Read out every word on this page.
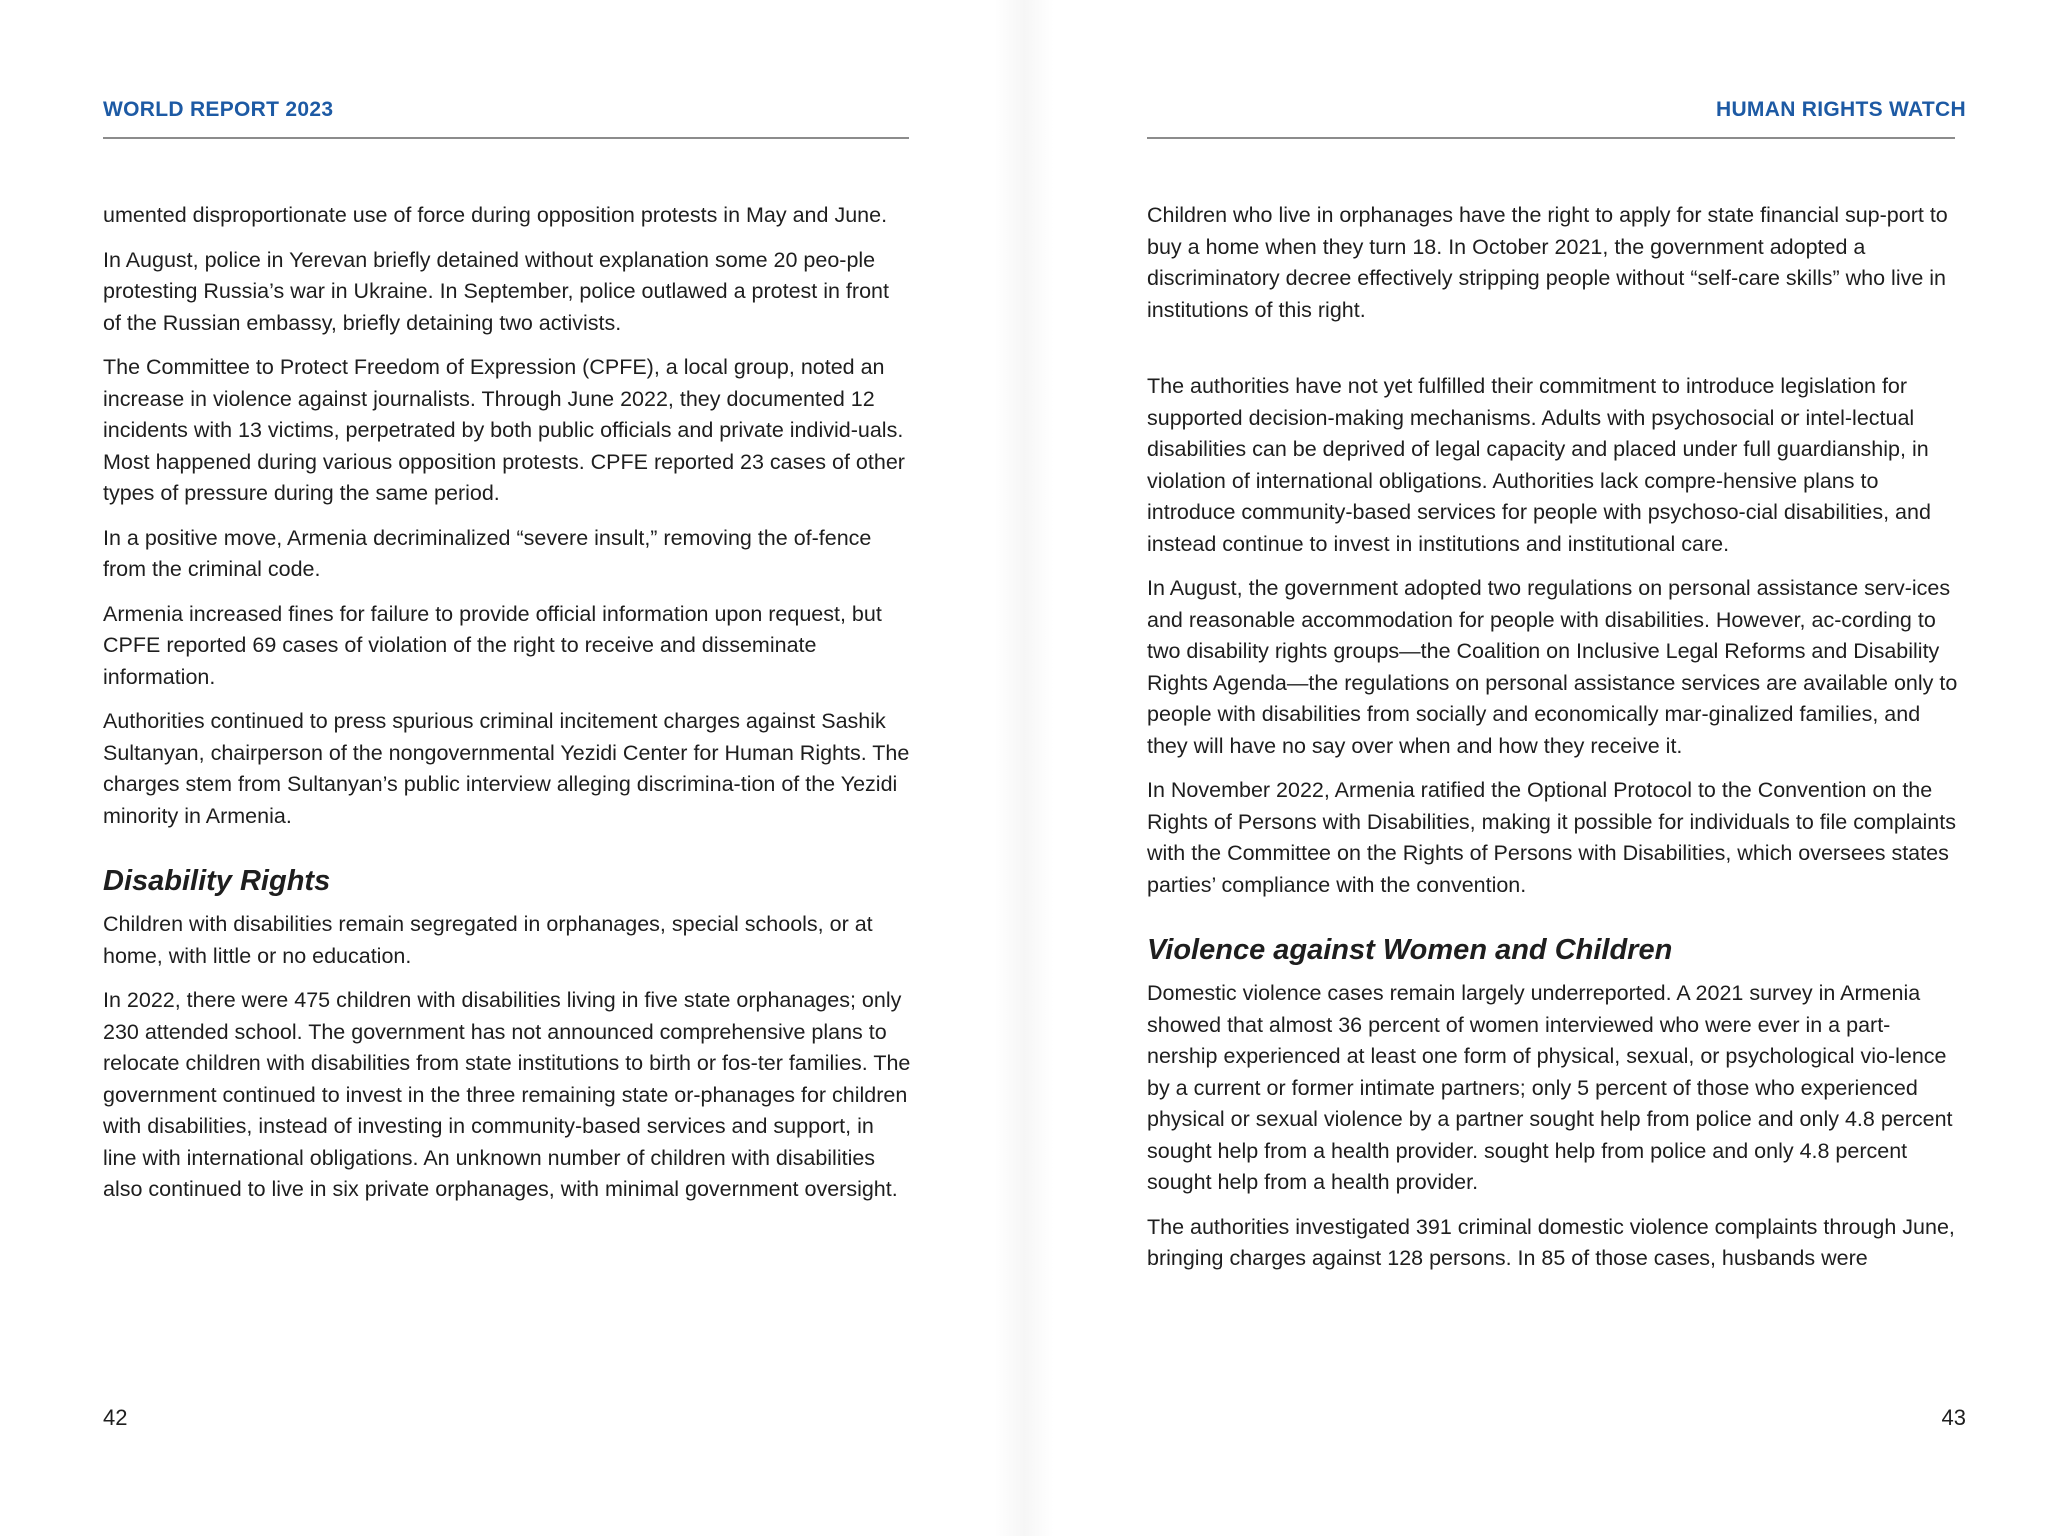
WORLD REPORT 2023

umented disproportionate use of force during opposition protests in May and June.

In August, police in Yerevan briefly detained without explanation some 20 peo-ple protesting Russia’s war in Ukraine. In September, police outlawed a protest in front of the Russian embassy, briefly detaining two activists.

The Committee to Protect Freedom of Expression (CPFE), a local group, noted an increase in violence against journalists. Through June 2022, they documented 12 incidents with 13 victims, perpetrated by both public officials and private individ-uals. Most happened during various opposition protests. CPFE reported 23 cases of other types of pressure during the same period.

In a positive move, Armenia decriminalized “severe insult,” removing the of-fence from the criminal code.

Armenia increased fines for failure to provide official information upon request, but CPFE reported 69 cases of violation of the right to receive and disseminate information.

Authorities continued to press spurious criminal incitement charges against Sashik Sultanyan, chairperson of the nongovernmental Yezidi Center for Human Rights. The charges stem from Sultanyan’s public interview alleging discrimina-tion of the Yezidi minority in Armenia.

Disability Rights

Children with disabilities remain segregated in orphanages, special schools, or at home, with little or no education.

In 2022, there were 475 children with disabilities living in five state orphanages; only 230 attended school. The government has not announced comprehensive plans to relocate children with disabilities from state institutions to birth or fos-ter families. The government continued to invest in the three remaining state or-phanages for children with disabilities, instead of investing in community-based services and support, in line with international obligations. An unknown number of children with disabilities also continued to live in six private orphanages, with minimal government oversight.

42
HUMAN RIGHTS WATCH

Children who live in orphanages have the right to apply for state financial sup-port to buy a home when they turn 18. In October 2021, the government adopted a discriminatory decree effectively stripping people without “self-care skills” who live in institutions of this right.

The authorities have not yet fulfilled their commitment to introduce legislation for supported decision-making mechanisms. Adults with psychosocial or intel-lectual disabilities can be deprived of legal capacity and placed under full guardianship, in violation of international obligations. Authorities lack compre-hensive plans to introduce community-based services for people with psychoso-cial disabilities, and instead continue to invest in institutions and institutional care.

In August, the government adopted two regulations on personal assistance serv-ices and reasonable accommodation for people with disabilities. However, ac-cording to two disability rights groups—the Coalition on Inclusive Legal Reforms and Disability Rights Agenda—the regulations on personal assistance services are available only to people with disabilities from socially and economically mar-ginalized families, and they will have no say over when and how they receive it.

In November 2022, Armenia ratified the Optional Protocol to the Convention on the Rights of Persons with Disabilities, making it possible for individuals to file complaints with the Committee on the Rights of Persons with Disabilities, which oversees states parties’ compliance with the convention.

Violence against Women and Children

Domestic violence cases remain largely underreported. A 2021 survey in Armenia showed that almost 36 percent of women interviewed who were ever in a part-nership experienced at least one form of physical, sexual, or psychological vio-lence by a current or former intimate partners; only 5 percent of those who experienced physical or sexual violence by a partner sought help from police and only 4.8 percent sought help from a health provider. sought help from police and only 4.8 percent sought help from a health provider.

The authorities investigated 391 criminal domestic violence complaints through June, bringing charges against 128 persons. In 85 of those cases, husbands were

43
